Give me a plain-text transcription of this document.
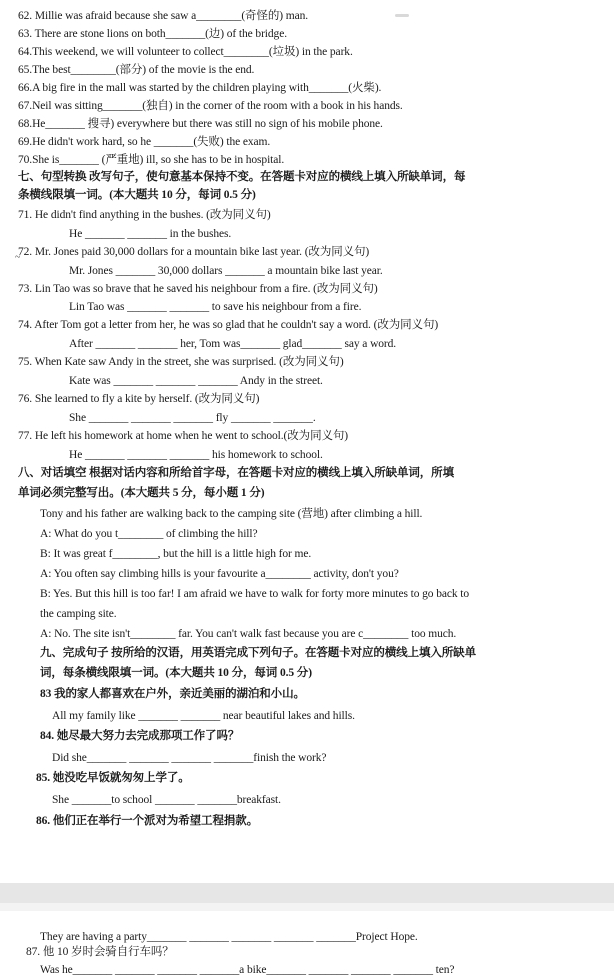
~
62. Millie was afraid because she saw a________(奇怪的) man.
63. There are stone lions on both_______(边) of the bridge.
64.This weekend, we will volunteer to collect________(垃圾) in the park.
65.The best________(部分) of the movie is the end.
66.A big fire in the mall was started by the children playing with_______(火柴).
67.Neil was sitting_______(独自) in the corner of the room with a book in his hands.
68.He_______ 搜寻) everywhere but there was still no sign of his mobile phone.
69.He didn't work hard, so he _______(失败) the exam.
70.She is_______ (严重地) ill, so she has to be in hospital.
七、句型转换 改写句子，使句意基本保持不变。在答题卡对应的横线上填入所缺单词，每
条横线限填一词。(本大题共 10 分，每词 0.5 分)
71. He didn't find anything in the bushes. (改为同义句)
He _______ _______ in the bushes.
72. Mr. Jones paid 30,000 dollars for a mountain bike last year. (改为同义句)
Mr. Jones _______ 30,000 dollars _______ a mountain bike last year.
73. Lin Tao was so brave that he saved his neighbour from a fire. (改为同义句)
Lin Tao was _______ _______ to save his neighbour from a fire.
74. After Tom got a letter from her, he was so glad that he couldn't say a word. (改为同义句)
After _______ _______ her, Tom was_______ glad_______ say a word.
75. When Kate saw Andy in the street, she was surprised. (改为同义句)
Kate was _______ _______ _______ Andy in the street.
76. She learned to fly a kite by herself. (改为同义句)
She _______ _______ _______ fly _______ _______.
77. He left his homework at home when he went to school.(改为同义句)
He _______ _______ _______ his homework to school.
八、对话填空 根据对话内容和所给首字母，在答题卡对应的横线上填入所缺单词，所填
单词必须完整写出。(本大题共 5 分，每小题 1 分)
Tony and his father are walking back to the camping site (营地) after climbing a hill.
A: What do you t________ of climbing the hill?
B: It was great f________, but the hill is a little high for me.
A: You often say climbing hills is your favourite a________ activity, don't you?
B: Yes. But this hill is too far! I am afraid we have to walk for forty more minutes to go back to
the camping site.
A: No. The site isn't________ far. You can't walk fast because you are c________ too much.
九、完成句子 按所给的汉语，用英语完成下列句子。在答题卡对应的横线上填入所缺单
词，每条横线限填一词。(本大题共 10 分，每词 0.5 分)
83 我的家人都喜欢在户外，亲近美丽的湖泊和小山。
All my family like _______ _______ near beautiful lakes and hills.
84. 她尽最大努力去完成那项工作了吗？
Did she_______ _______ _______ _______finish the work?
85. 她没吃早饭就匆匆上学了。
She _______to school _______ _______breakfast.
86. 他们正在举行一个派对为希望工程捐款。
They are having a party_______ _______ _______ _______ _______Project Hope.
87. 他 10 岁时会骑自行车吗？
Was he_______ _______ _______ _______a bike_______ _______ _______ _______ ten?
